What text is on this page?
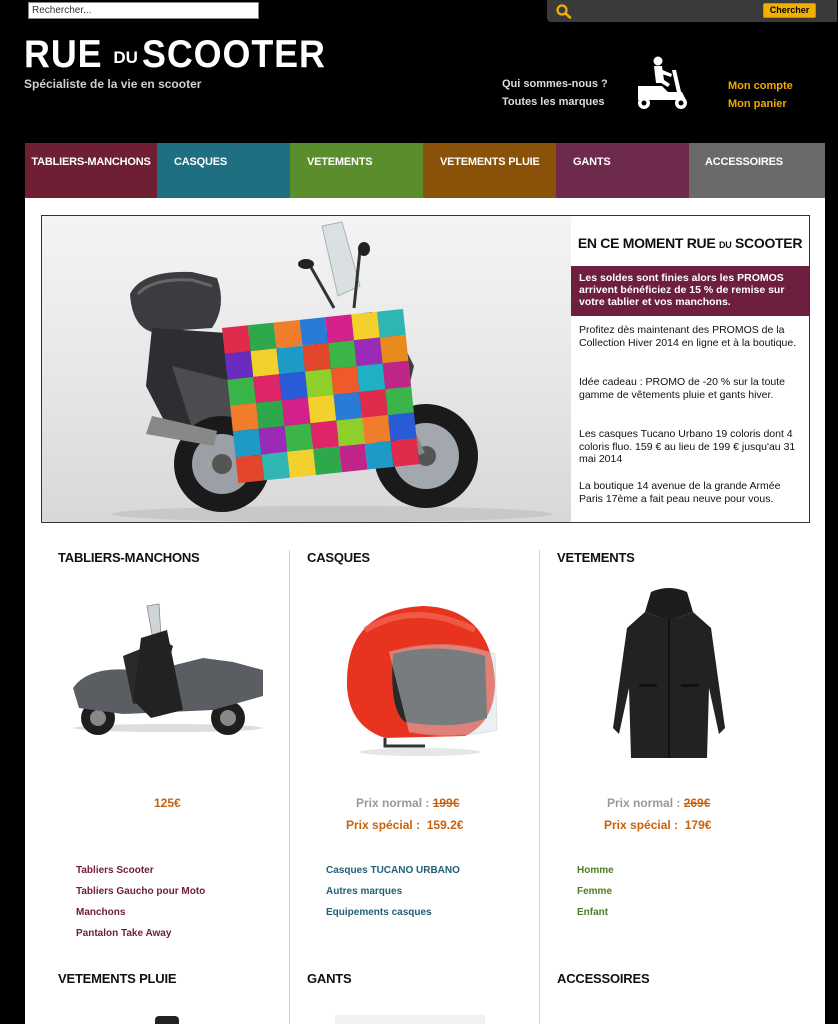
Rechercher...
Chercher
RUE DU SCOOTER
Spécialiste de la vie en scooter	Qui sommes-nous ?
Toutes les marques
Mon compte
Mon panier
TABLIERS-MANCHONS	CASQUES	VETEMENTS	VETEMENTS PLUIE	GANTS	ACCESSOIRES
EN CE MOMENT RUE DU SCOOTER
Les soldes sont finies alors les PROMOS arrivent bénéficiez de 15 % de remise sur votre tablier et vos manchons.
Profitez dès maintenant des PROMOS de la Collection Hiver 2014 en ligne et à la boutique.
Idée cadeau : PROMO de -20 % sur la toute gamme de vêtements pluie et gants hiver.
Les casques Tucano Urbano 19 coloris dont 4 coloris fluo. 159 € au lieu de 199 € jusqu'au 31 mai 2014
La boutique 14 avenue de la grande Armée Paris 17ème a fait peau neuve pour vous.
TABLIERS-MANCHONS
125€
Tabliers Scooter
Tabliers Gaucho pour Moto
Manchons
Pantalon Take Away
CASQUES
Prix normal : 199€
Prix spécial : 159.2€
Casques TUCANO URBANO
Autres marques
Equipements casques
VETEMENTS
Prix normal : 269€
Prix spécial : 179€
Homme
Femme
Enfant
VETEMENTS PLUIE	GANTS	ACCESSOIRES
